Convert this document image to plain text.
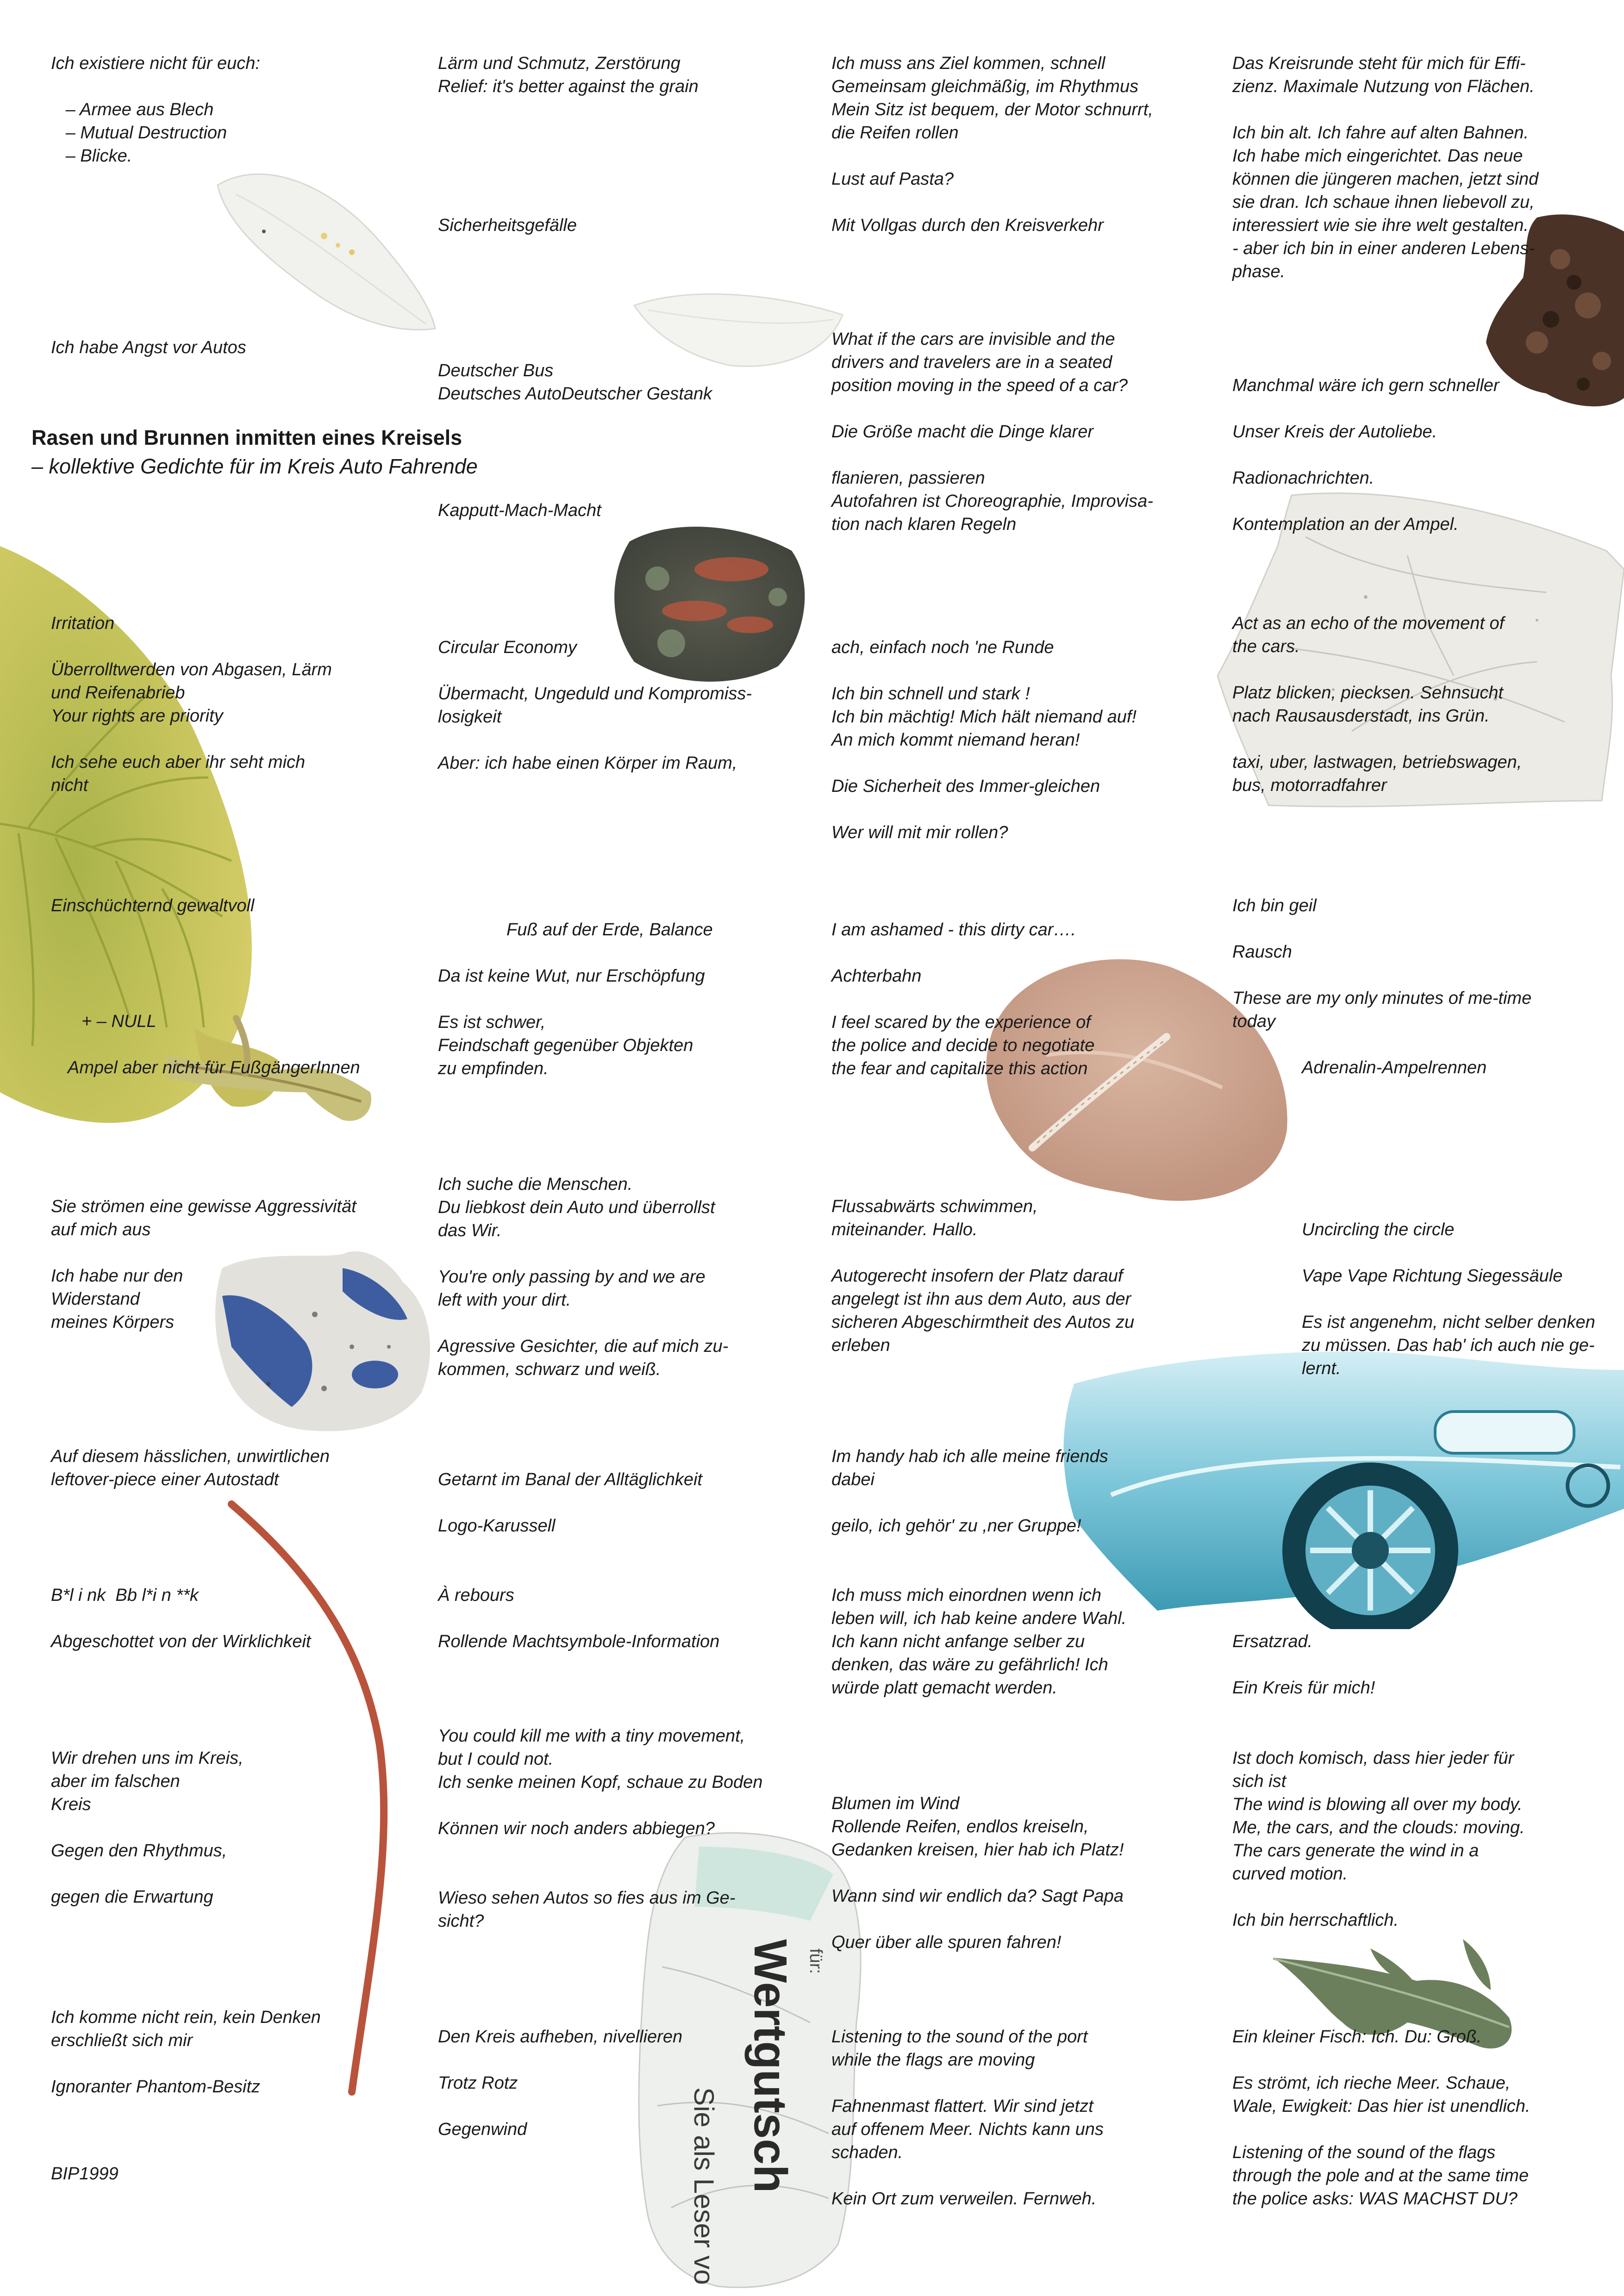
Wertgutsch für:
Sie als Leser vo
Rasen und Brunnen inmitten eines Kreisels
– kollektive Gedichte für im Kreis Auto Fahrende
Ich existiere nicht für euch:
– Armee aus Blech
– Mutual Destruction
– Blicke.
Ich habe Angst vor Autos
Irritation
Überrolltwerden von Abgasen, Lärm
und Reifenabrieb
Your rights are priority
Ich sehe euch aber ihr seht mich
nicht
Einschüchternd gewaltvoll
+ – NULL
Ampel aber nicht für FußgängerInnen
Sie strömen eine gewisse Aggressivität
auf mich aus
Ich habe nur den
Widerstand
meines Körpers
Auf diesem hässlichen, unwirtlichen
leftover-piece einer Autostadt
B*l i nk  Bb l*i n **k
Abgeschottet von der Wirklichkeit
Wir drehen uns im Kreis,
aber im falschen
Kreis
Gegen den Rhythmus,
gegen die Erwartung
Ich komme nicht rein, kein Denken
erschließt sich mir
Ignoranter Phantom-Besitz
BIP1999
Lärm und Schmutz, Zerstörung
Relief: it's better against the grain
Sicherheitsgefälle
Deutscher Bus
Deutsches AutoDeutscher Gestank
Kapputt-Mach-Macht
Circular Economy
Übermacht, Ungeduld und Kompromiss-
losigkeit
Aber: ich habe einen Körper im Raum,
Fuß auf der Erde, Balance
Da ist keine Wut, nur Erschöpfung
Es ist schwer,
Feindschaft gegenüber Objekten
zu empfinden.
Ich suche die Menschen.
Du liebkost dein Auto und überrollst
das Wir.
You're only passing by and we are
left with your dirt.
Agressive Gesichter, die auf mich zu-
kommen, schwarz und weiß.
Getarnt im Banal der Alltäglichkeit
Logo-Karussell
À rebours
Rollende Machtsymbole-Information
You could kill me with a tiny movement,
but I could not.
Ich senke meinen Kopf, schaue zu Boden
Können wir noch anders abbiegen?
Wieso sehen Autos so fies aus im Ge-
sicht?
Den Kreis aufheben, nivellieren
Trotz Rotz
Gegenwind
Ich muss ans Ziel kommen, schnell
Gemeinsam gleichmäßig, im Rhythmus
Mein Sitz ist bequem, der Motor schnurrt,
die Reifen rollen
Lust auf Pasta?
Mit Vollgas durch den Kreisverkehr
What if the cars are invisible and the
drivers and travelers are in a seated
position moving in the speed of a car?
Die Größe macht die Dinge klarer
flanieren, passieren
Autofahren ist Choreographie, Improvisa-
tion nach klaren Regeln
ach, einfach noch 'ne Runde
Ich bin schnell und stark !
Ich bin mächtig! Mich hält niemand auf!
An mich kommt niemand heran!
Die Sicherheit des Immer-gleichen
Wer will mit mir rollen?
I am ashamed - this dirty car….
Achterbahn
I feel scared by the experience of
the police and decide to negotiate
the fear and capitalize this action
Flussabwärts schwimmen,
miteinander. Hallo.
Autogerecht insofern der Platz darauf
angelegt ist ihn aus dem Auto, aus der
sicheren Abgeschirmtheit des Autos zu
erleben
Im handy hab ich alle meine friends
dabei
geilo, ich gehör' zu ,ner Gruppe!
Ich muss mich einordnen wenn ich
leben will, ich hab keine andere Wahl.
Ich kann nicht anfange selber zu
denken, das wäre zu gefährlich! Ich
würde platt gemacht werden.
Blumen im Wind
Rollende Reifen, endlos kreiseln,
Gedanken kreisen, hier hab ich Platz!
Wann sind wir endlich da? Sagt Papa
Quer über alle spuren fahren!
Listening to the sound of the port
while the flags are moving
Fahnenmast flattert. Wir sind jetzt
auf offenem Meer. Nichts kann uns
schaden.
Kein Ort zum verweilen. Fernweh.
Das Kreisrunde steht für mich für Effi-
zienz. Maximale Nutzung von Flächen.
Ich bin alt. Ich fahre auf alten Bahnen.
Ich habe mich eingerichtet. Das neue
können die jüngeren machen, jetzt sind
sie dran. Ich schaue ihnen liebevoll zu,
interessiert wie sie ihre welt gestalten.
- aber ich bin in einer anderen Lebens-
phase.
Manchmal wäre ich gern schneller
Unser Kreis der Autoliebe.
Radionachrichten.
Kontemplation an der Ampel.
Act as an echo of the movement of
the cars.
Platz blicken, piecksen. Sehnsucht
nach Rausausderstadt, ins Grün.
taxi, uber, lastwagen, betriebswagen,
bus, motorradfahrer
Ich bin geil
Rausch
These are my only minutes of me-time
today
Adrenalin-Ampelrennen
Uncircling the circle
Vape Vape Richtung Siegessäule
Es ist angenehm, nicht selber denken
zu müssen. Das hab' ich auch nie ge-
lernt.
Ersatzrad.
Ein Kreis für mich!
Ist doch komisch, dass hier jeder für
sich ist
The wind is blowing all over my body.
Me, the cars, and the clouds: moving.
The cars generate the wind in a
curved motion.
Ich bin herrschaftlich.
Ein kleiner Fisch: Ich. Du: Groß.
Es strömt, ich rieche Meer. Schaue,
Wale, Ewigkeit: Das hier ist unendlich.
Listening of the sound of the flags
through the pole and at the same time
the police asks: WAS MACHST DU?
